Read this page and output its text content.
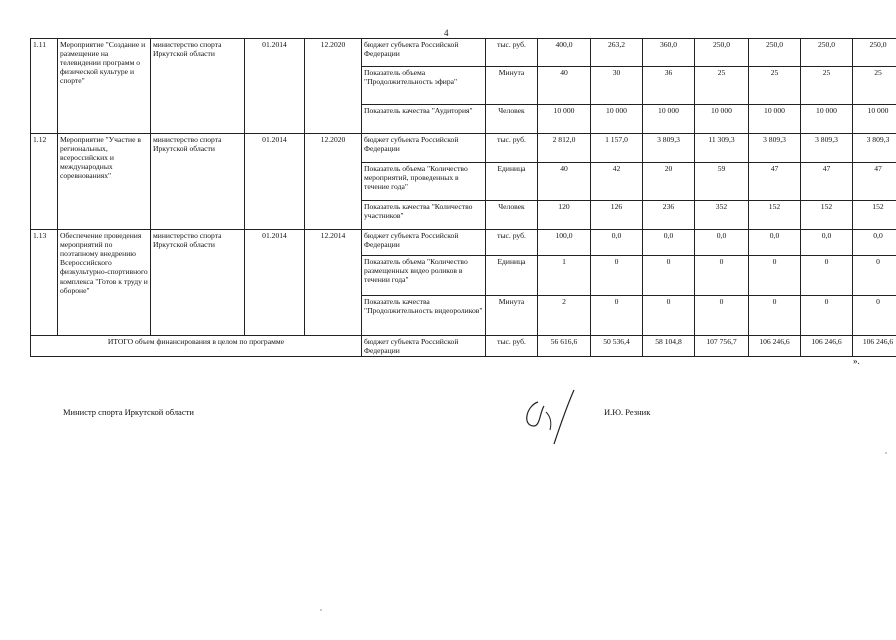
4
1.11	Мероприятие "Создание и размещение на телевидении программ о физической культуре и спорте"	министерство спорта Иркутской области	01.2014	12.2020	бюджет субъекта Российской Федерации	тыс. руб.	400,0	263,2	360,0	250,0	250,0	250,0	250,0
					Показатель объема "Продолжительность эфира"	Минута	40	30	36	25	25	25	25
					Показатель качества "Аудитория"	Человек	10 000	10 000	10 000	10 000	10 000	10 000	10 000
1.12	Мероприятие "Участие в региональных, всероссийских и международных соревнованиях"	министерство спорта Иркутской области	01.2014	12.2020	бюджет субъекта Российской Федерации	тыс. руб.	2 812,0	1 157,0	3 809,3	11 309,3	3 809,3	3 809,3	3 809,3
					Показатель объема "Количество мероприятий, проведенных в течение года"	Единица	40	42	20	59	47	47	47
					Показатель качества "Количество участников"	Человек	120	126	236	352	152	152	152
1.13	Обеспечение проведения мероприятий по поэтапному внедрению Всероссийского физкультурно-спортивного комплекса "Готов к труду и обороне"	министерство спорта Иркутской области	01.2014	12.2014	бюджет субъекта Российской Федерации	тыс. руб.	100,0	0,0	0,0	0,0	0,0	0,0	0,0
					Показатель объема "Количество размещенных видео роликов в течении года"	Единица	1	0	0	0	0	0	0
					Показатель качества "Продолжительность видеороликов"	Минута	2	0	0	0	0	0	0
ИТОГО объем финансирования в целом по программе					бюджет субъекта Российской Федерации	тыс. руб.	56 616,6	50 536,4	58 104,8	107 756,7	106 246,6	106 246,6	106 246,6
».
Министр спорта Иркутской области	И.Ю. Резник
